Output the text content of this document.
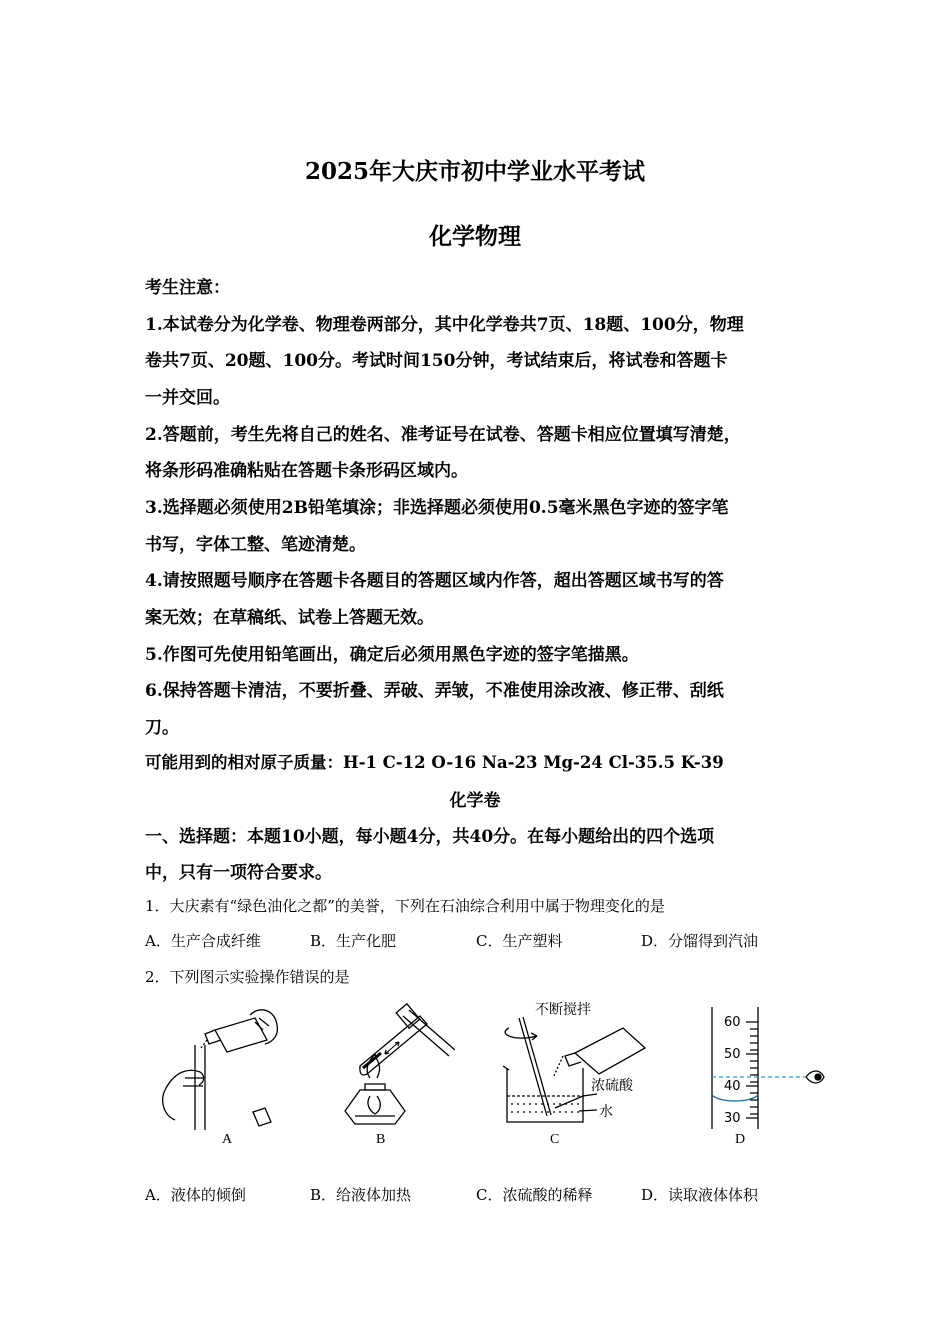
2025年大庆市初中学业水平考试
化学物理
考生注意：
1.本试卷分为化学卷、物理卷两部分，其中化学卷共7页、18题、100分，物理
卷共7页、20题、100分。考试时间150分钟，考试结束后，将试卷和答题卡
一并交回。
2.答题前，考生先将自己的姓名、准考证号在试卷、答题卡相应位置填写清楚，
将条形码准确粘贴在答题卡条形码区域内。
3.选择题必须使用2B铅笔填涂；非选择题必须使用0.5毫米黑色字迹的签字笔
书写，字体工整、笔迹清楚。
4.请按照题号顺序在答题卡各题目的答题区域内作答，超出答题区域书写的答
案无效；在草稿纸、试卷上答题无效。
5.作图可先使用铅笔画出，确定后必须用黑色字迹的签字笔描黑。
6.保持答题卡清洁，不要折叠、弄破、弄皱，不准使用涂改液、修正带、刮纸
刀。
可能用到的相对原子质量：H-1 C-12 O-16 Na-23 Mg-24 Cl-35.5 K-39
化学卷
一、选择题：本题10小题，每小题4分，共40分。在每小题给出的四个选项
中，只有一项符合要求。
1．大庆素有“绿色油化之都”的美誉，下列在石油综合利用中属于物理变化的是
A．生产合成纤维	B．生产化肥	C．生产塑料	D．分馏得到汽油
2．下列图示实验操作错误的是
A	B
不断搅拌
浓硫酸
水
C
60
50
40
30
D
A．液体的倾倒	B．给液体加热	C．浓硫酸的稀释	D．读取液体体积
